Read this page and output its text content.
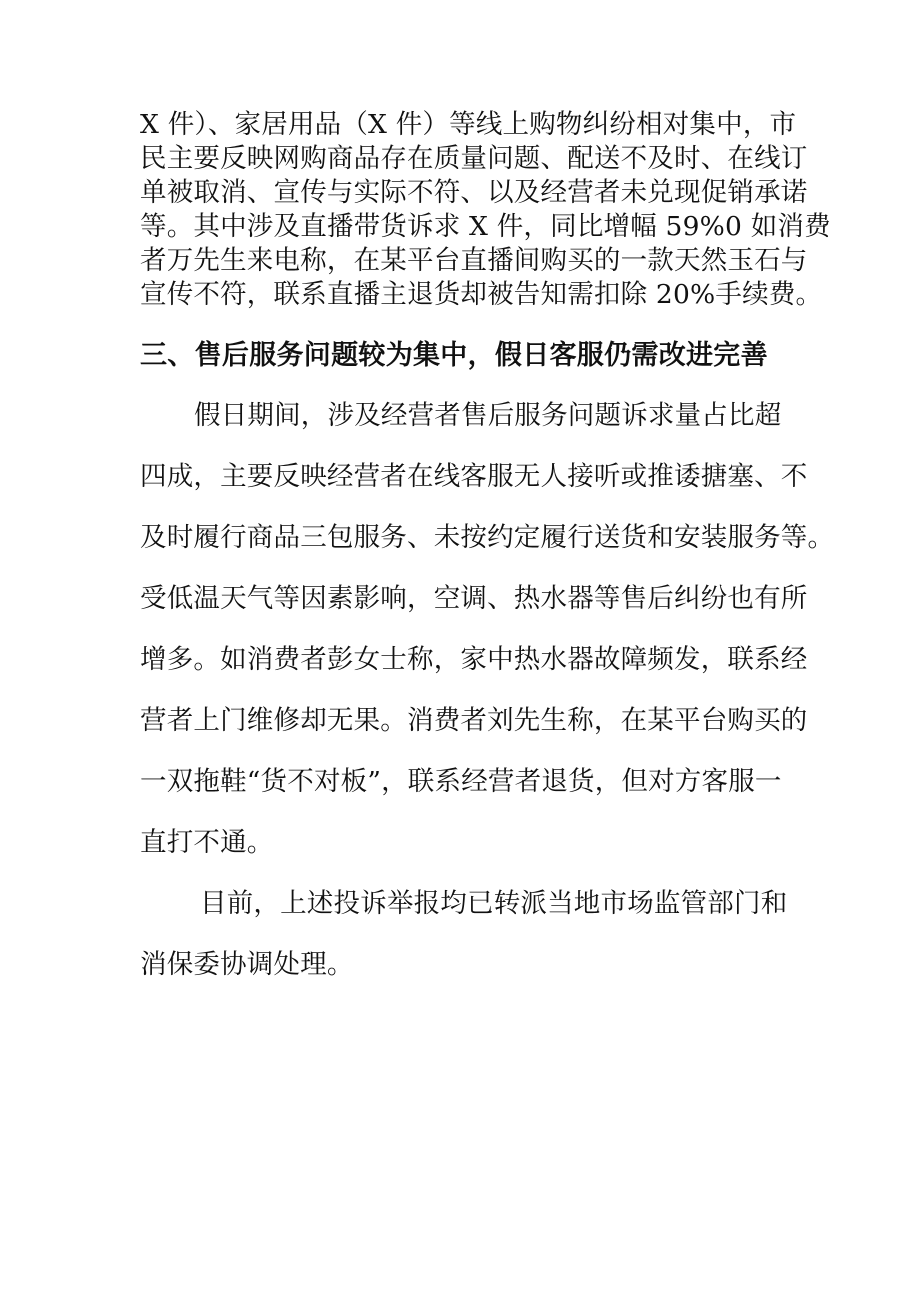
X 件）、家居用品（X 件）等线上购物纠纷相对集中，市
民主要反映网购商品存在质量问题、配送不及时、在线订
单被取消、宣传与实际不符、以及经营者未兑现促销承诺
等。其中涉及直播带货诉求 X 件，同比增幅 59%0 如消费
者万先生来电称，在某平台直播间购买的一款天然玉石与
宣传不符，联系直播主退货却被告知需扣除 20%手续费。
三、售后服务问题较为集中，假日客服仍需改进完善
假日期间，涉及经营者售后服务问题诉求量占比超
四成，主要反映经营者在线客服无人接听或推诿搪塞、不
及时履行商品三包服务、未按约定履行送货和安装服务等。
受低温天气等因素影响，空调、热水器等售后纠纷也有所
增多。如消费者彭女士称，家中热水器故障频发，联系经
营者上门维修却无果。消费者刘先生称，在某平台购买的
一双拖鞋“货不对板”，联系经营者退货，但对方客服一
直打不通。
目前，上述投诉举报均已转派当地市场监管部门和
消保委协调处理。
